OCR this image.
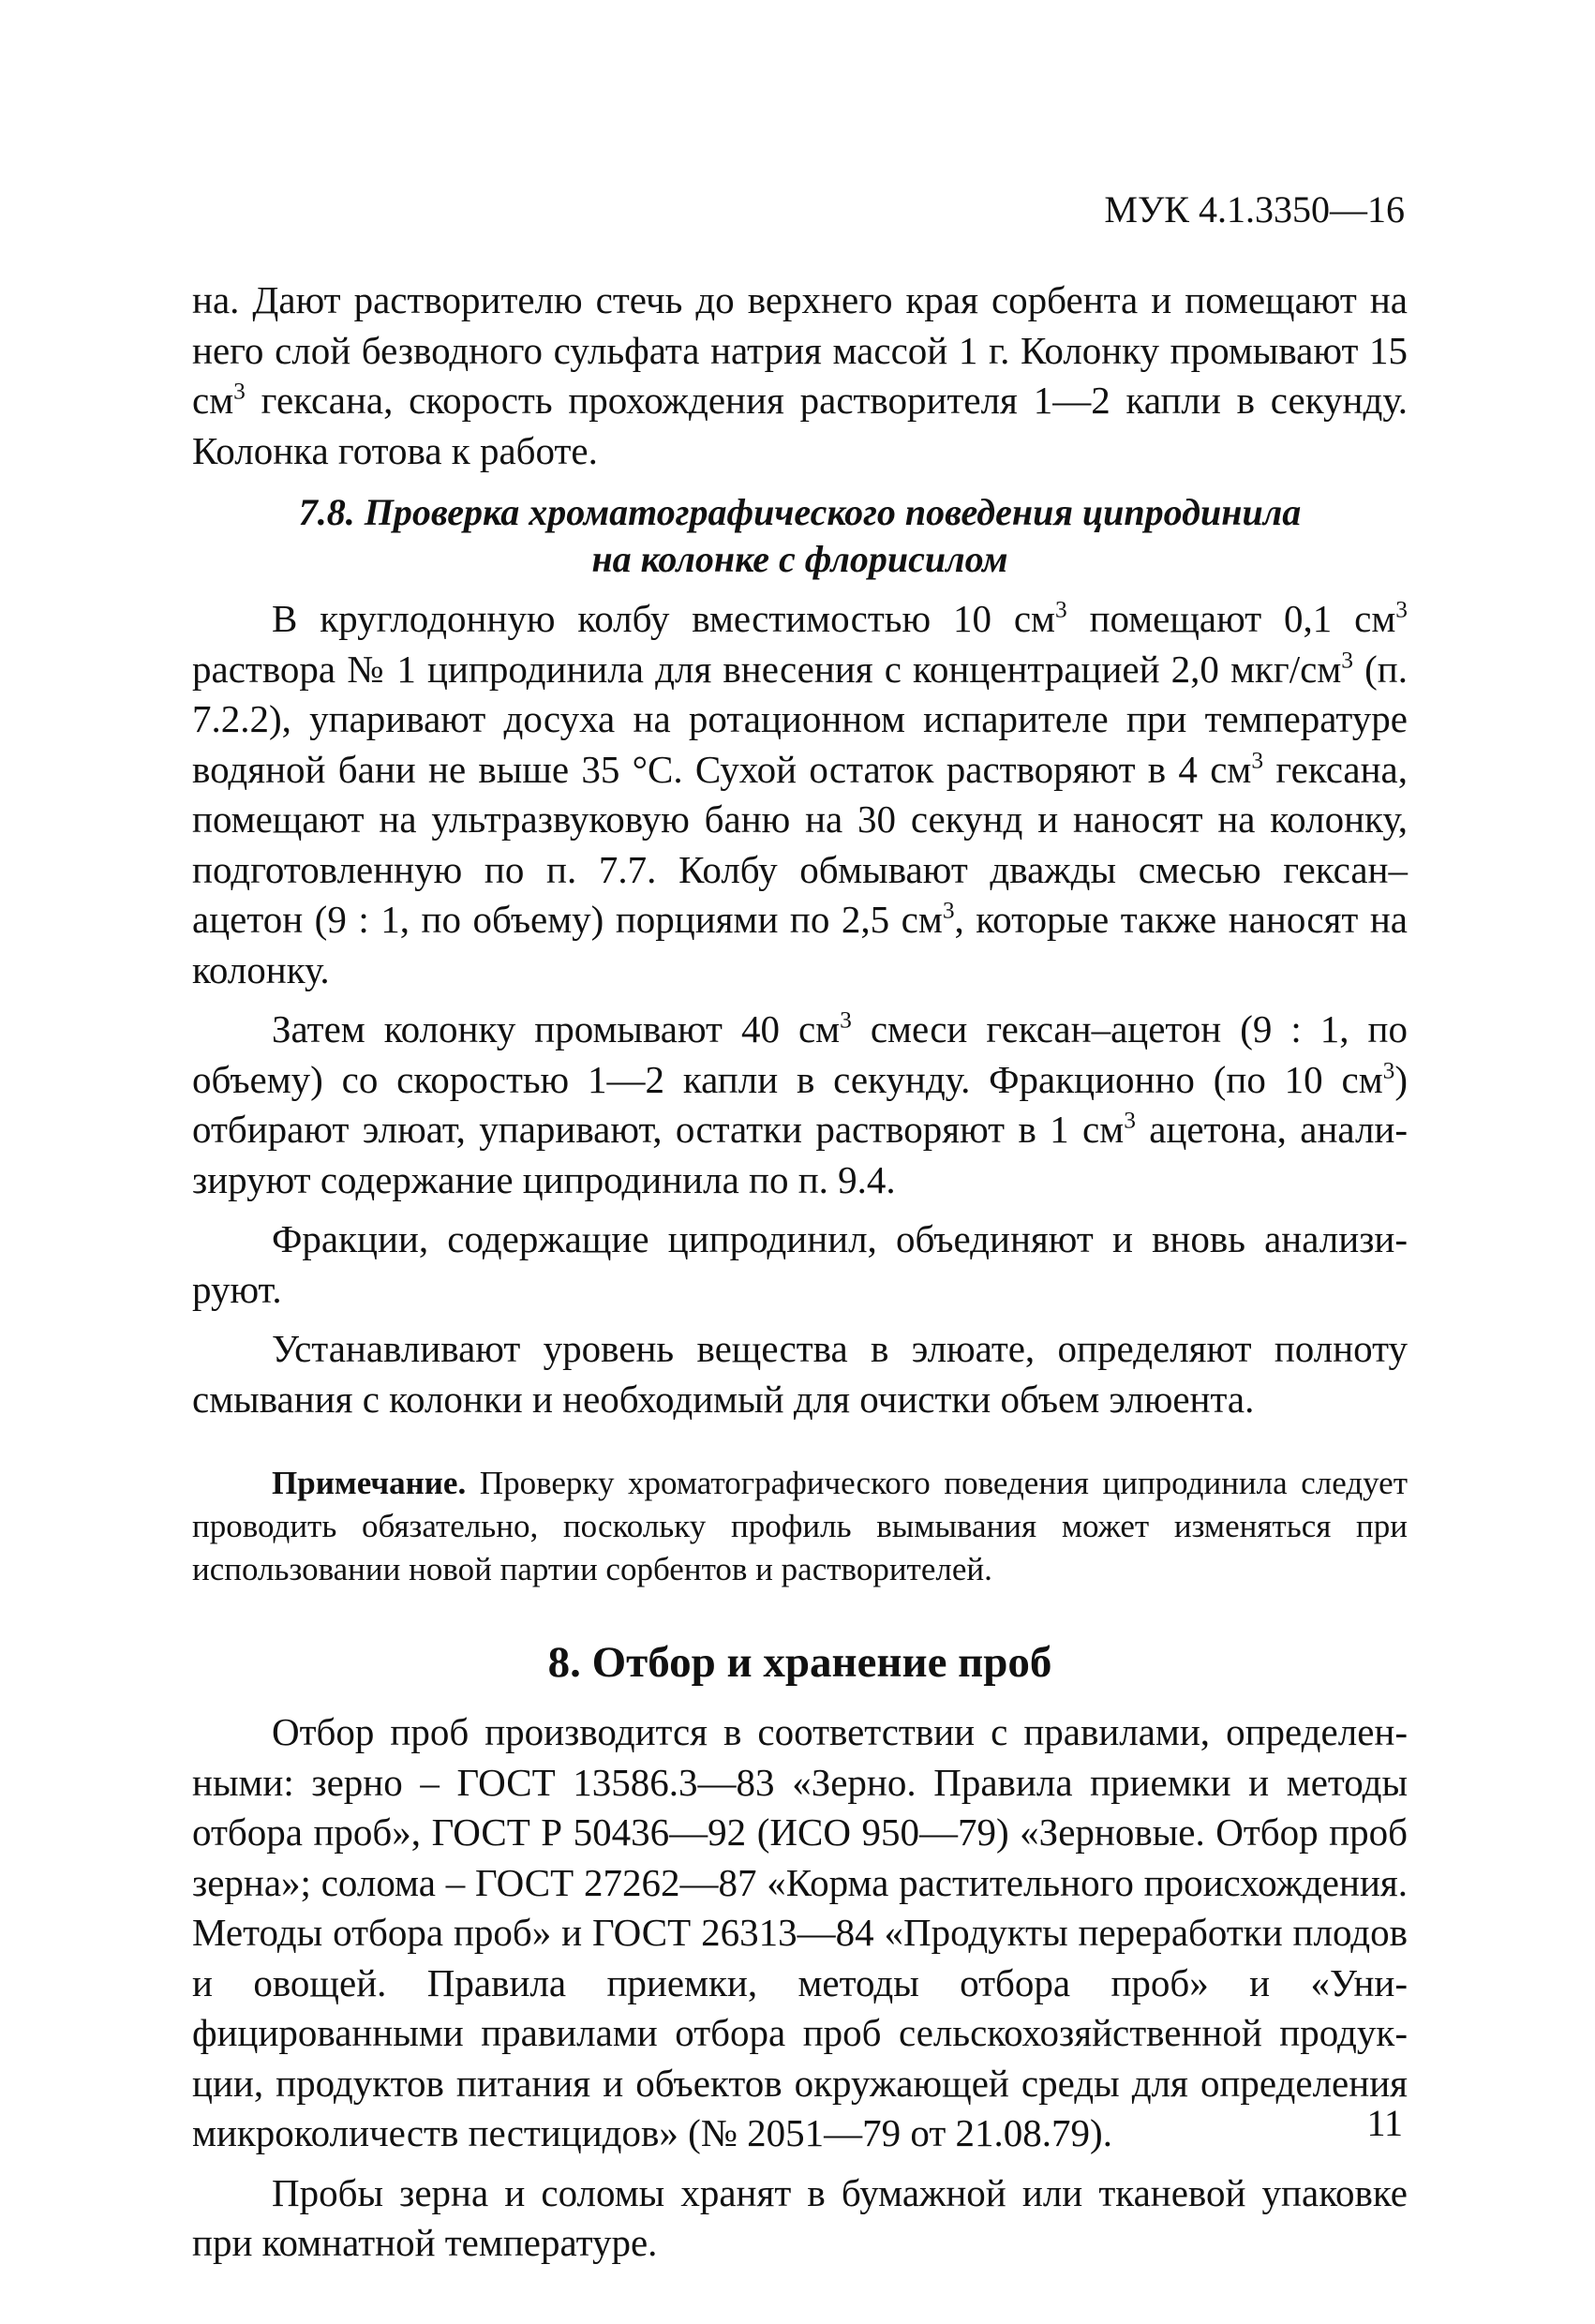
МУК 4.1.3350—16

на. Дают растворителю стечь до верхнего края сорбента и помещают на него слой безводного сульфата натрия массой 1 г. Колонку промывают 15 $см^3$ гексана, скорость прохождения растворителя 1—2 капли в секунду. Колонка готова к работе.

7.8. Проверка хроматографического поведения ципродинила
на колонке с флорисилом

В круглодонную колбу вместимостью 10 $см^3$ помещают 0,1 $см^3$ раствора № 1 ципродинила для внесения с концентрацией 2,0 мкг/$см^3$ (п. 7.2.2), упаривают досуха на ротационном испарителе при температуре водяной бани не выше 35 °С. Сухой остаток растворяют в 4 $см^3$ гексана, помещают на ультразвуковую баню на 30 секунд и наносят на колонку, подготовленную по п. 7.7. Колбу обмывают дважды смесью гексан–ацетон (9 : 1, по объему) порциями по 2,5 $см^3$, которые также наносят на колонку.

Затем колонку промывают 40 $см^3$ смеси гексан–ацетон (9 : 1, по объему) со скоростью 1—2 капли в секунду. Фракционно (по 10 $см^3$) отбирают элюат, упаривают, остатки растворяют в 1 $см^3$ ацетона, анализируют содержание ципродинила по п. 9.4.

Фракции, содержащие ципродинил, объединяют и вновь анализируют.

Устанавливают уровень вещества в элюате, определяют полноту смывания с колонки и необходимый для очистки объем элюента.

Примечание. Проверку хроматографического поведения ципродинила следует проводить обязательно, поскольку профиль вымывания может изменяться при использовании новой партии сорбентов и растворителей.

8. Отбор и хранение проб

Отбор проб производится в соответствии с правилами, определенными: зерно – ГОСТ 13586.3—83 «Зерно. Правила приемки и методы отбора проб», ГОСТ Р 50436—92 (ИСО 950—79) «Зерновые. Отбор проб зерна»; солома – ГОСТ 27262—87 «Корма растительного происхождения. Методы отбора проб» и ГОСТ 26313—84 «Продукты переработки плодов и овощей. Правила приемки, методы отбора проб» и «Унифицированными правилами отбора проб сельскохозяйственной продукции, продуктов питания и объектов окружающей среды для определения микроколичеств пестицидов» (№ 2051—79 от 21.08.79).

Пробы зерна и соломы хранят в бумажной или тканевой упаковке при комнатной температуре.

11
